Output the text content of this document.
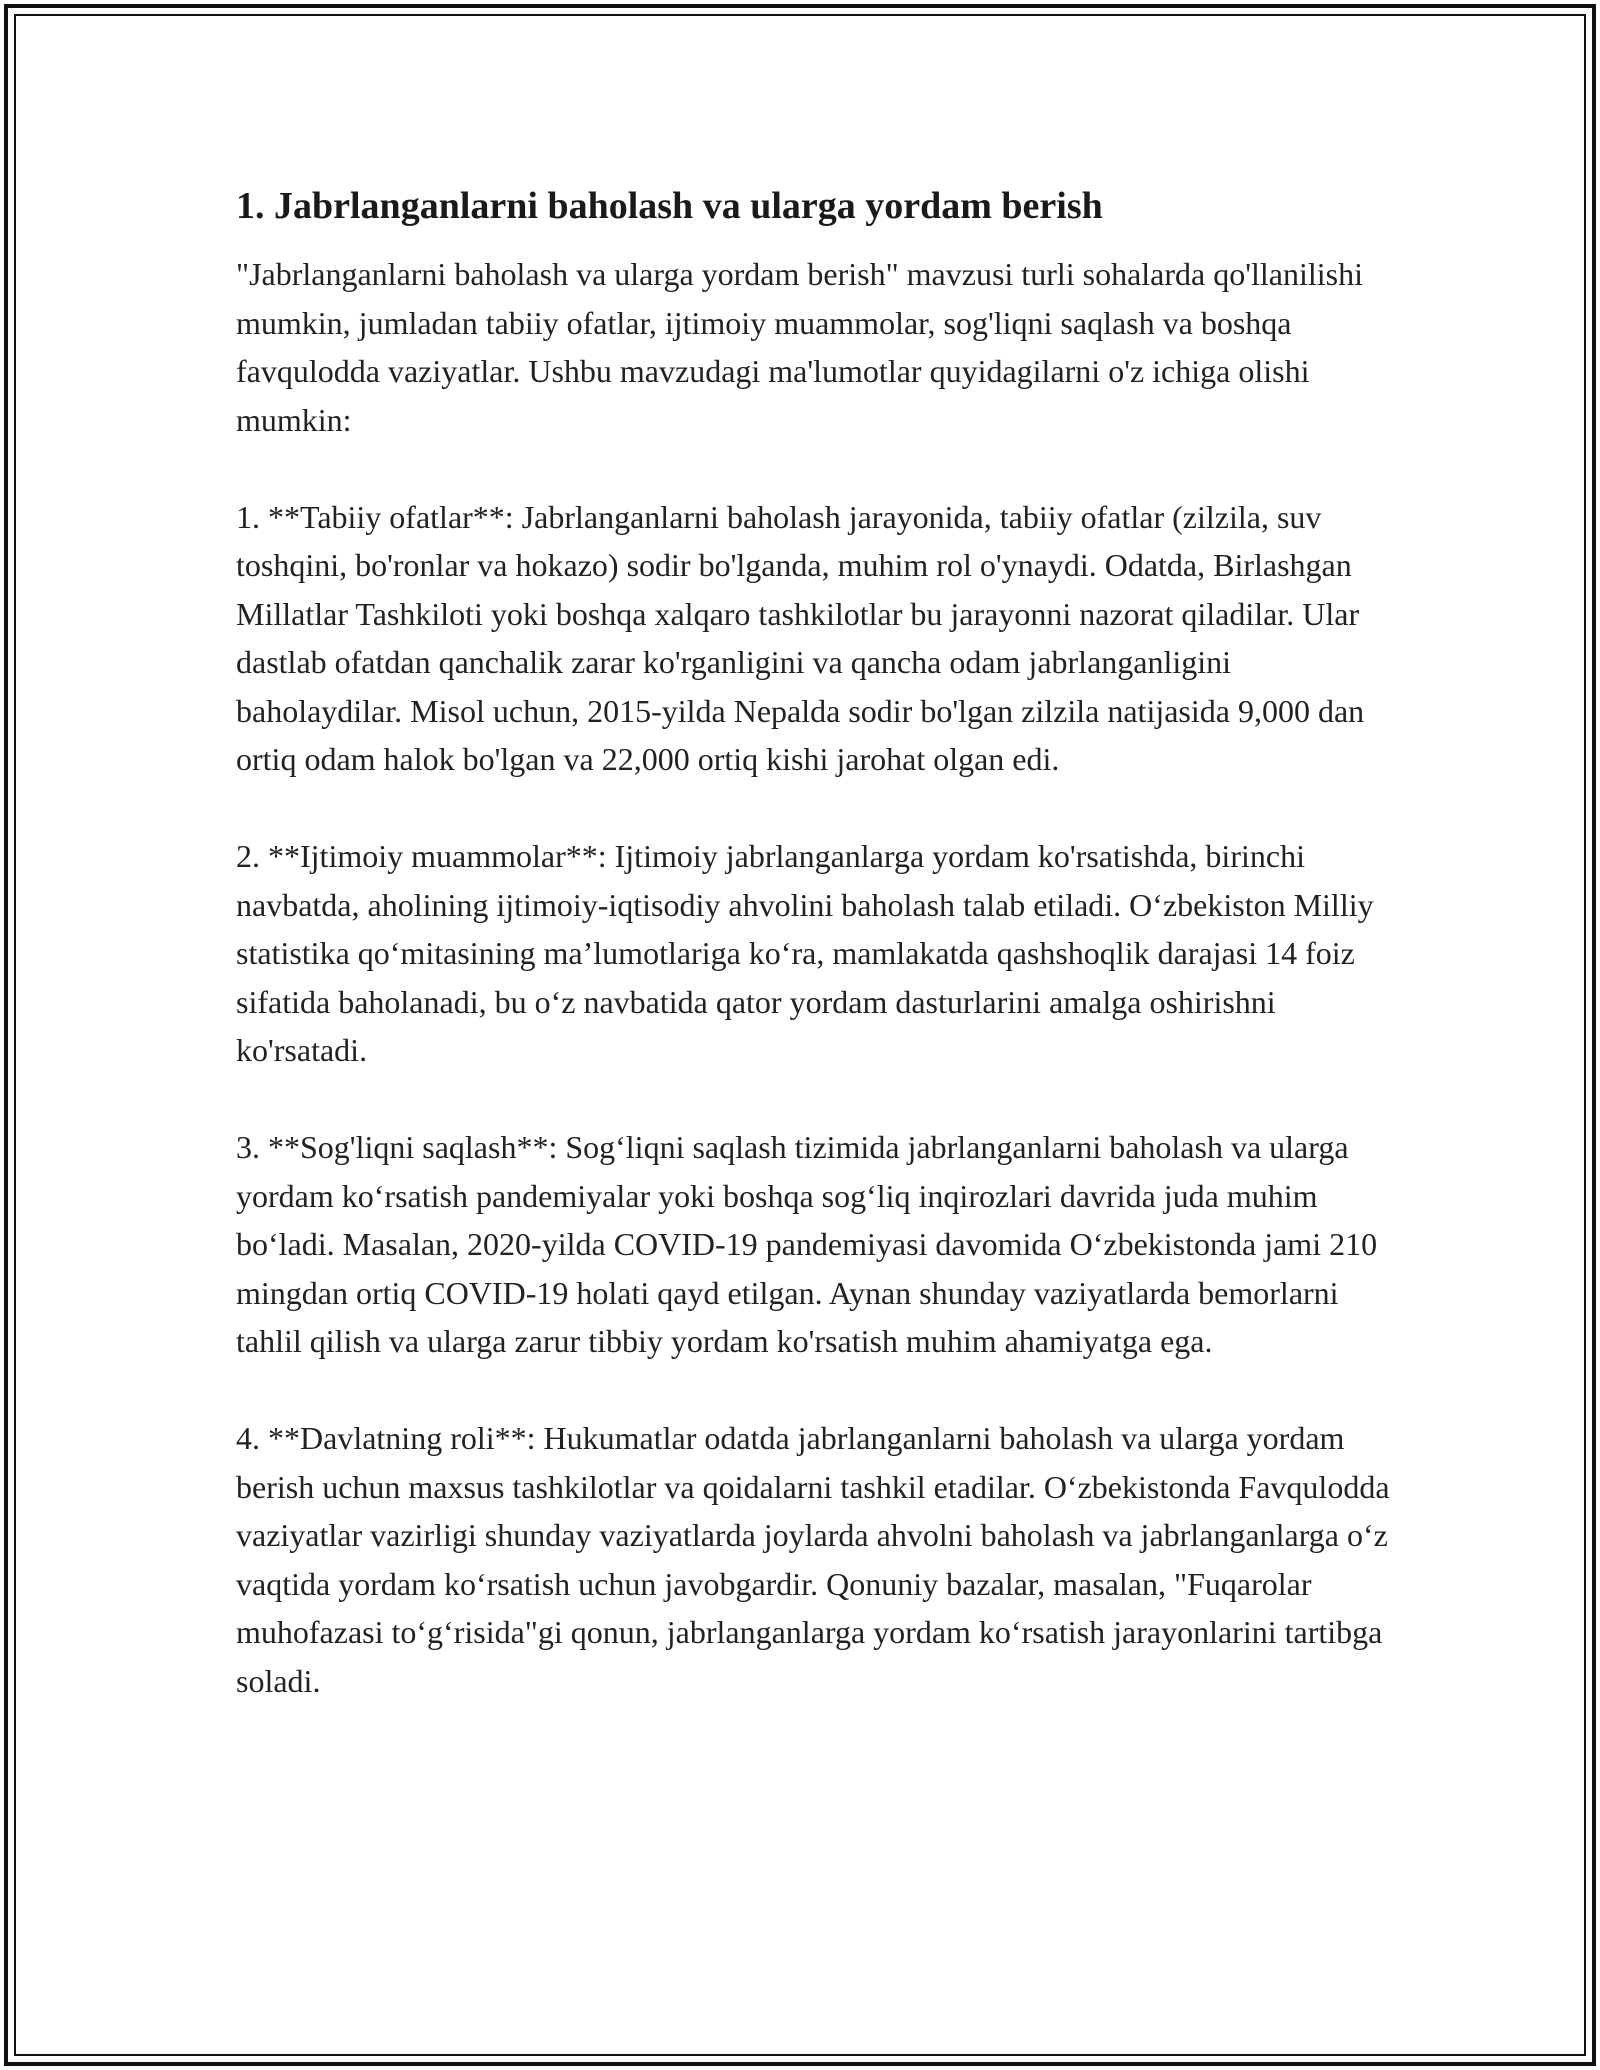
1. Jabrlanganlarni baholash va ularga yordam berish

"Jabrlanganlarni baholash va ularga yordam berish" mavzusi turli sohalarda qo'llanilishi mumkin, jumladan tabiiy ofatlar, ijtimoiy muammolar, sog'liqni saqlash va boshqa favqulodda vaziyatlar. Ushbu mavzudagi ma'lumotlar quyidagilarni o'z ichiga olishi mumkin:

1. **Tabiiy ofatlar**: Jabrlanganlarni baholash jarayonida, tabiiy ofatlar (zilzila, suv toshqini, bo'ronlar va hokazo) sodir bo'lganda, muhim rol o'ynaydi. Odatda, Birlashgan Millatlar Tashkiloti yoki boshqa xalqaro tashkilotlar bu jarayonni nazorat qiladilar. Ular dastlab ofatdan qanchalik zarar ko'rganligini va qancha odam jabrlanganligini baholaydilar. Misol uchun, 2015-yilda Nepalda sodir bo'lgan zilzila natijasida 9,000 dan ortiq odam halok bo'lgan va 22,000 ortiq kishi jarohat olgan edi.

2. **Ijtimoiy muammolar**: Ijtimoiy jabrlanganlarga yordam ko'rsatishda, birinchi navbatda, aholining ijtimoiy-iqtisodiy ahvolini baholash talab etiladi. O‘zbekiston Milliy statistika qo‘mitasining ma’lumotlariga ko‘ra, mamlakatda qashshoqlik darajasi 14 foiz sifatida baholanadi, bu o‘z navbatida qator yordam dasturlarini amalga oshirishni ko'rsatadi.

3. **Sog'liqni saqlash**: Sog‘liqni saqlash tizimida jabrlanganlarni baholash va ularga yordam ko‘rsatish pandemiyalar yoki boshqa sog‘liq inqirozlari davrida juda muhim bo‘ladi. Masalan, 2020-yilda COVID-19 pandemiyasi davomida O‘zbekistonda jami 210 mingdan ortiq COVID-19 holati qayd etilgan. Aynan shunday vaziyatlarda bemorlarni tahlil qilish va ularga zarur tibbiy yordam ko'rsatish muhim ahamiyatga ega.

4. **Davlatning roli**: Hukumatlar odatda jabrlanganlarni baholash va ularga yordam berish uchun maxsus tashkilotlar va qoidalarni tashkil etadilar. O‘zbekistonda Favqulodda vaziyatlar vazirligi shunday vaziyatlarda joylarda ahvolni baholash va jabrlanganlarga o‘z vaqtida yordam ko‘rsatish uchun javobgardir. Qonuniy bazalar, masalan, "Fuqarolar muhofazasi to‘g‘risida"gi qonun, jabrlanganlarga yordam ko‘rsatish jarayonlarini tartibga soladi.
